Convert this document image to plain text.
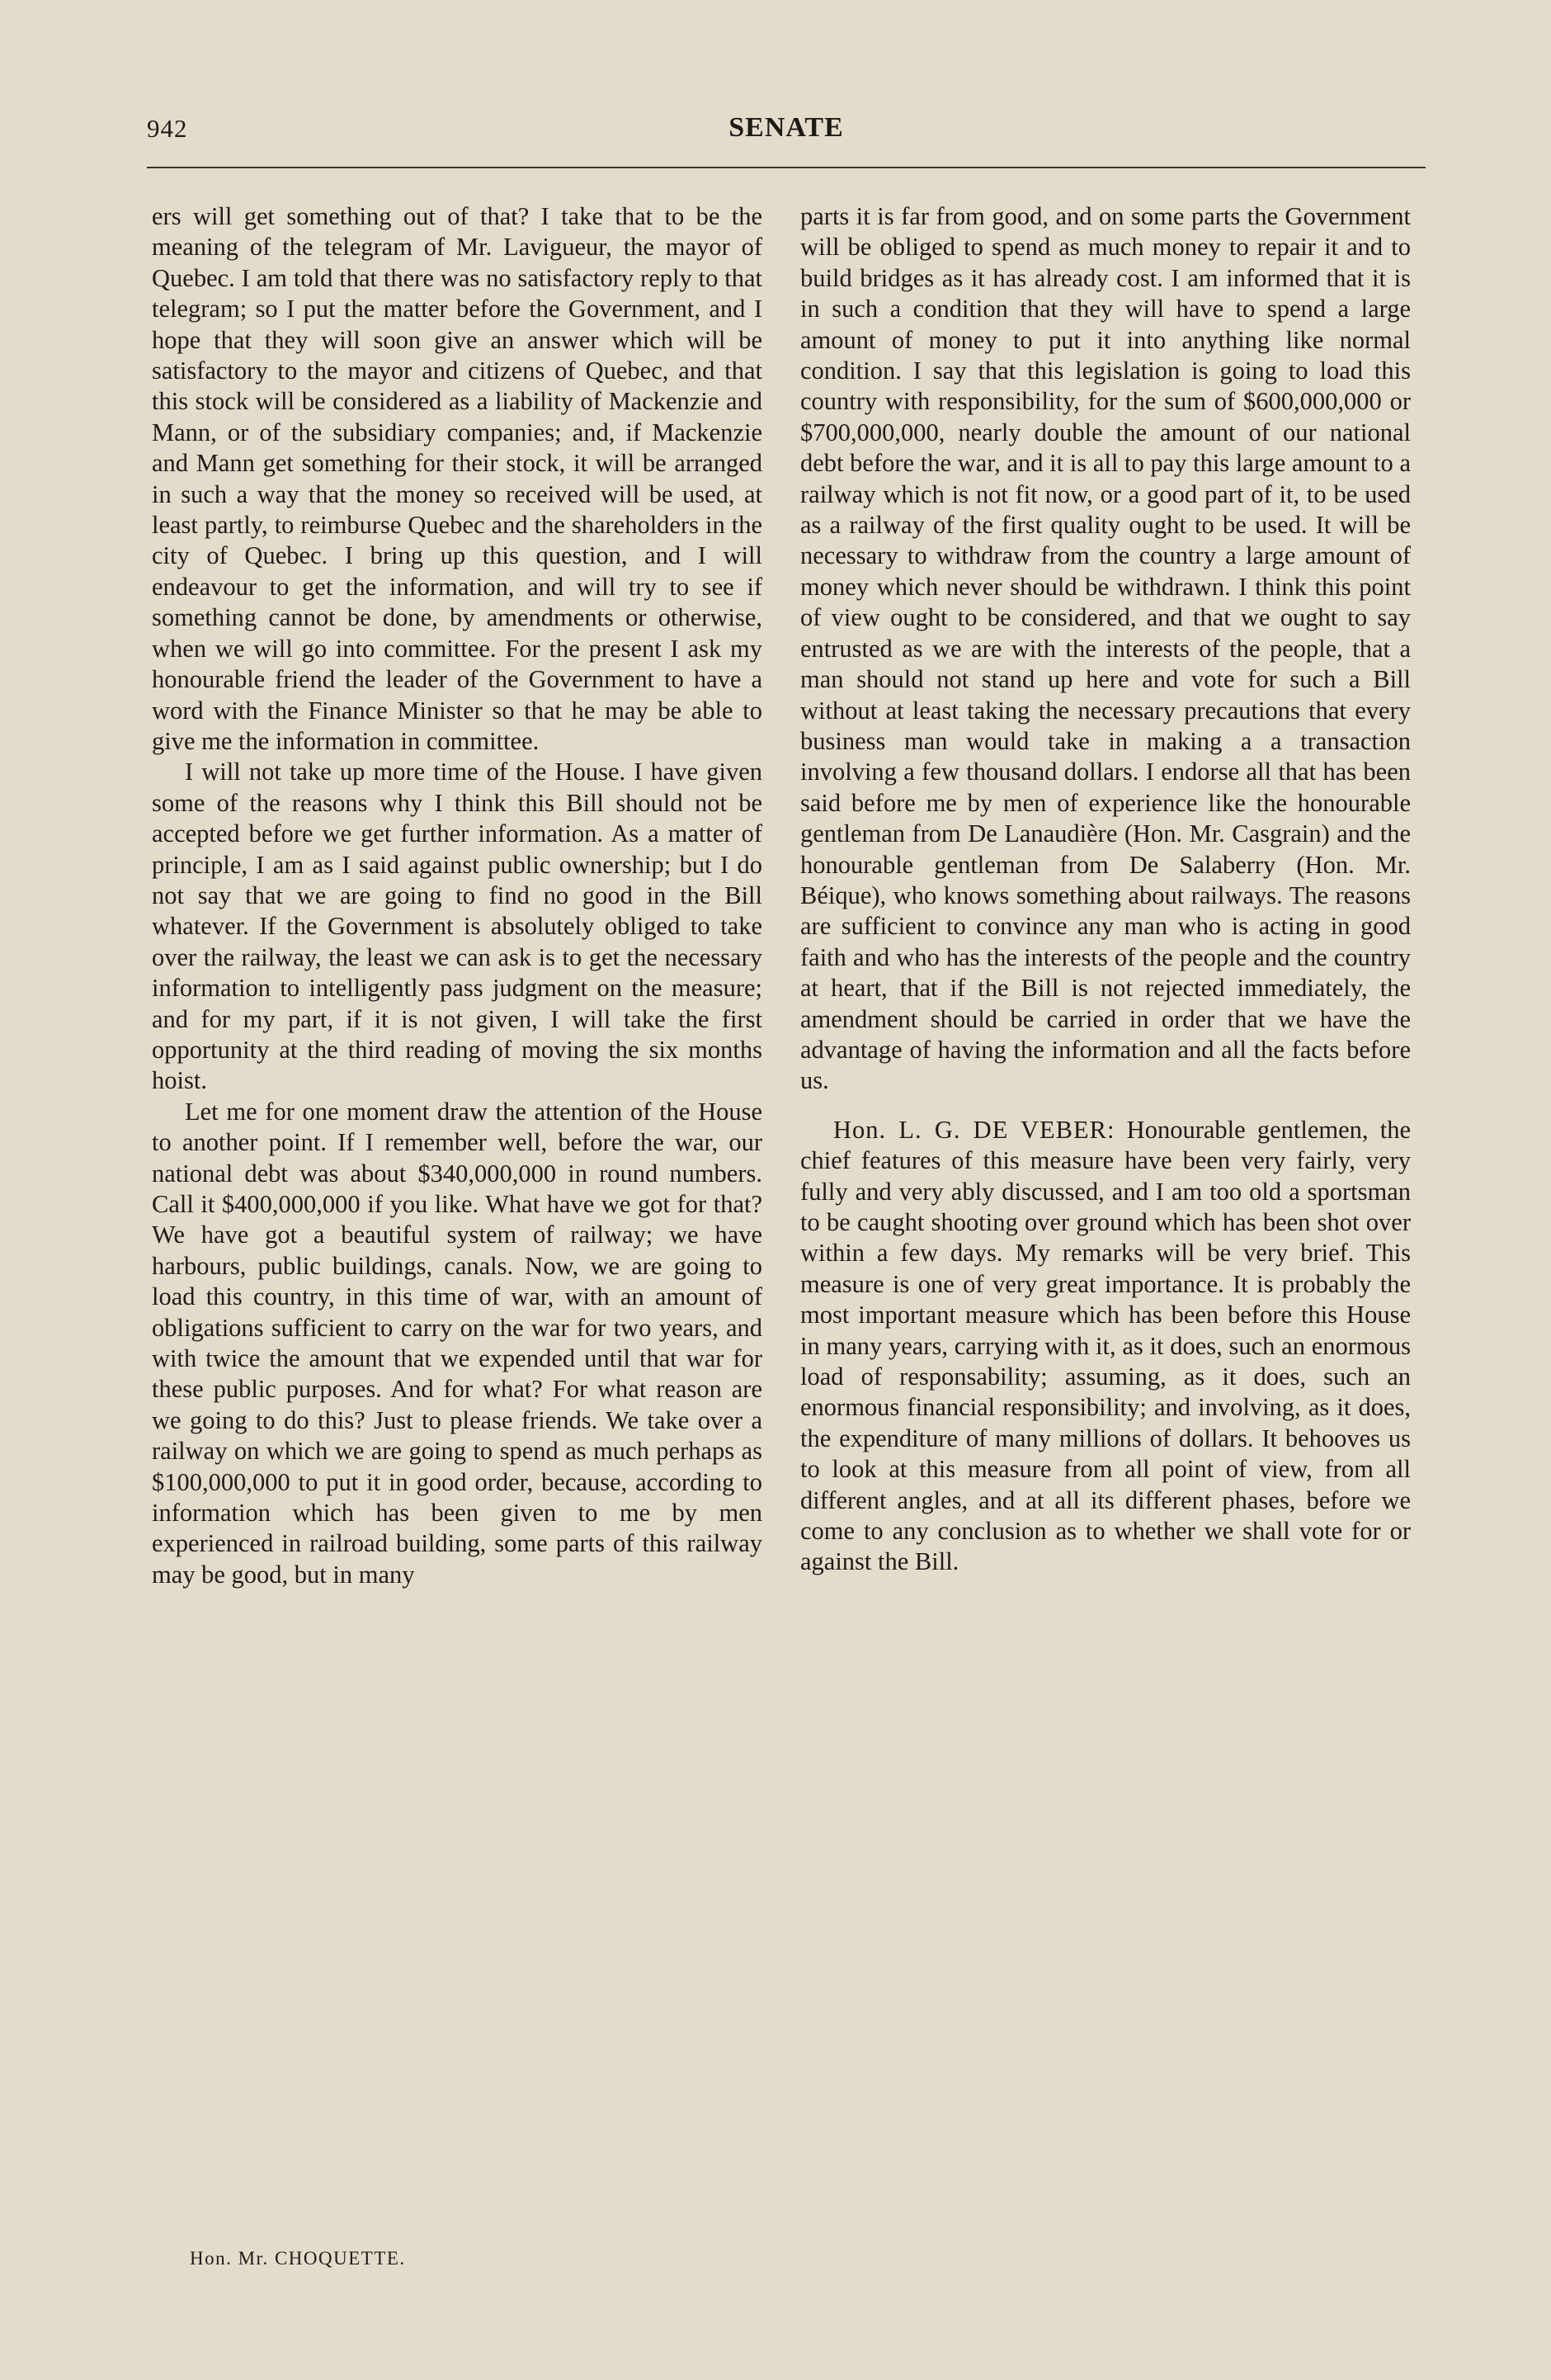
942	SENATE

ers will get something out of that? I take that to be the meaning of the telegram of Mr. Lavigueur, the mayor of Quebec. I am told that there was no satisfactory reply to that telegram; so I put the matter before the Government, and I hope that they will soon give an answer which will be satisfactory to the mayor and citizens of Quebec, and that this stock will be considered as a liability of Mackenzie and Mann, or of the subsidiary companies; and, if Mackenzie and Mann get something for their stock, it will be arranged in such a way that the money so received will be used, at least partly, to reimburse Quebec and the shareholders in the city of Quebec. I bring up this question, and I will endeavour to get the information, and will try to see if something cannot be done, by amendments or otherwise, when we will go into committee. For the present I ask my honourable friend the leader of the Government to have a word with the Finance Minister so that he may be able to give me the information in committee.

I will not take up more time of the House. I have given some of the reasons why I think this Bill should not be accepted before we get further information. As a matter of principle, I am as I said against public ownership; but I do not say that we are going to find no good in the Bill whatever. If the Government is absolutely obliged to take over the railway, the least we can ask is to get the necessary information to intelligently pass judgment on the measure; and for my part, if it is not given, I will take the first opportunity at the third reading of moving the six months hoist.

Let me for one moment draw the attention of the House to another point. If I remember well, before the war, our national debt was about $340,000,000 in round numbers. Call it $400,000,000 if you like. What have we got for that? We have got a beautiful system of railway; we have harbours, public buildings, canals. Now, we are going to load this country, in this time of war, with an amount of obligations sufficient to carry on the war for two years, and with twice the amount that we expended until that war for these public purposes. And for what? For what reason are we going to do this? Just to please friends. We take over a railway on which we are going to spend as much perhaps as $100,000,000 to put it in good order, because, according to information which has been given to me by men experienced in railroad building, some parts of this railway may be good, but in many

parts it is far from good, and on some parts the Government will be obliged to spend as much money to repair it and to build bridges as it has already cost. I am informed that it is in such a condition that they will have to spend a large amount of money to put it into anything like normal condition. I say that this legislation is going to load this country with responsibility, for the sum of $600,000,000 or $700,000,000, nearly double the amount of our national debt before the war, and it is all to pay this large amount to a railway which is not fit now, or a good part of it, to be used as a railway of the first quality ought to be used. It will be necessary to withdraw from the country a large amount of money which never should be withdrawn. I think this point of view ought to be considered, and that we ought to say entrusted as we are with the interests of the people, that a man should not stand up here and vote for such a Bill without at least taking the necessary precautions that every business man would take in making a a transaction involving a few thousand dollars. I endorse all that has been said before me by men of experience like the honourable gentleman from De Lanaudière (Hon. Mr. Casgrain) and the honourable gentleman from De Salaberry (Hon. Mr. Béique), who knows something about railways. The reasons are sufficient to convince any man who is acting in good faith and who has the interests of the people and the country at heart, that if the Bill is not rejected immediately, the amendment should be carried in order that we have the advantage of having the information and all the facts before us.

Hon. L. G. DE VEBER: Honourable gentlemen, the chief features of this measure have been very fairly, very fully and very ably discussed, and I am too old a sportsman to be caught shooting over ground which has been shot over within a few days. My remarks will be very brief. This measure is one of very great importance. It is probably the most important measure which has been before this House in many years, carrying with it, as it does, such an enormous load of responsability; assuming, as it does, such an enormous financial responsibility; and involving, as it does, the expenditure of many millions of dollars. It behooves us to look at this measure from all point of view, from all different angles, and at all its different phases, before we come to any conclusion as to whether we shall vote for or against the Bill.

Hon. Mr. CHOQUETTE.
